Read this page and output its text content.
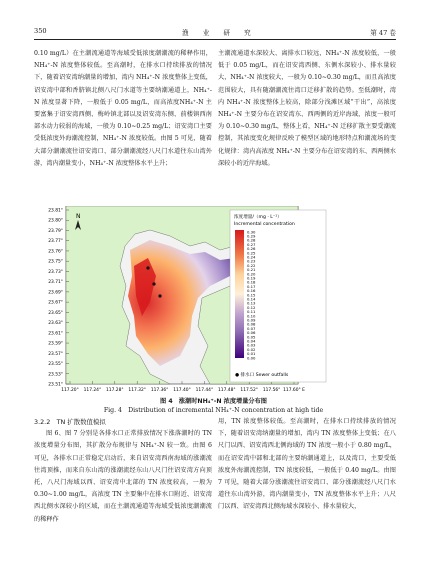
350	渔 业 研 究	第 47 卷

0.10 mg/L）在主潮流通道等海域受低浓度潮潮流的稀释作用，NH₄⁺-N 浓度整体较低。至高潮时，在排水口持续排放的情况下，随着诏安湾纳潮量的增加，湾内 NH₄⁺-N 浓度整体上变低，诏安湾中部和香脐镇北侧八尺门水道等主要纳潮通道上，NH₄⁺-N 浓度显著下降，一般低于 0.05 mg/L，而高浓度NH₄⁺-N 主要富集于诏安湾西侧、梅岭镇北部以及诏安湾东侧、前楼镇西南部水动力较弱的海域，一般为 0.10~0.25 mg/L；诏安湾口主要受低浓度外海潮流控制，NH₄⁺-N 浓度较低。由图 5 可见，随着大部分潮潮流往诏安湾口、部分潮潮流经八尺门水道往东山湾外游，湾内潮量变小，NH₄⁺-N 浓度整体水平上升；

主潮流通道水深较大、离排水口较远，NH₄⁺-N 浓度较低，一般低于 0.05 mg/L，而在诏安湾西侧、东侧水深较小、排水量较大，NH₄⁺-N 浓度较大，一般为 0.10~0.30 mg/L，而且高浓度范围较大，具有随潮潮流往湾口迁移扩散的趋势。至低潮时，湾内 NH₄⁺-N 浓度整体上较高，除部分浅滩区域“干出”，高浓度 NH₄⁺-N 主要分布在诏安湾东、西两侧的近岸海域，浓度一般可为 0.10~0.30 mg/L，整体上看，NH₄⁺-N 迁移扩散主要受潮流控制，其浓度变化规律反映了模型区域的地形特点和潮流场的变化规律：湾内高浓度 NH₄⁺-N 主要分布在诏安湾的东、西两侧水深较小的近岸海域。

N
23.81°
23.80°
23.79°
23.77°
23.76°
23.75°
23.73°
23.71°
23.69°
23.67°
23.65°
23.63°
23.61°
23.59°
23.57°
23.55°
23.53°
23.51°
117.20° 117.24° 117.28° 117.32° 117.36° 117.40° 117.44° 117.48° 117.52° 117.56° 117.60° E
浓度增量/（mg · L⁻¹）
Incremental concentration
0.30
0.29
0.28
0.27
0.26
0.25
0.24
0.23
0.22
0.21
0.20
0.19
0.18
0.17
0.16
0.15
0.14
0.13
0.12
0.11
0.10
0.09
0.08
0.07
0.06
0.05
0.04
0.03
0.02
0.01
0.00
● 排水口 Sewer outfalls
图 4　涨潮时NH₄⁺-N 浓度增量分布图
Fig. 4　Distribution of incremental NH₄⁺-N concentration at high tide

3.2.2　TN 扩散数值模拟

图 6、图 7 分别是各排水口正常排放情况下涨落潮时的 TN 浓度增量分布图，其扩散分布规律与 NH₄⁺-N 较一致。由图 6 可见，各排水口正常稳定启动后，来自诏安湾西南海域的涨潮流往湾顶推，而来自东山湾的涨潮流经东山八尺门往诏安湾方向顶托，八尺门海域以西、诏安湾中北部的 TN 浓度较高，一般为 0.30~1.00 mg/L，高浓度 TN 主要集中在排水口附近、诏安湾西北侧水深较小的区域，而在主潮流通道等海域受低浓度潮潮流的稀释作

用，TN 浓度整体较低。至高潮时，在排水口持续排放的情况下，随着诏安湾纳潮量的增加，湾内 TN 浓度整体上变低；在八尺门以西、诏安湾西北侧海域的 TN 浓度一般小于 0.80 mg/L，而在诏安湾中部和北部的主要纳潮通道上，以及湾口，主要受低浓度外海潮流控制，TN 浓度较低，一般低于 0.40 mg/L。由图 7 可见，随着大部分涨潮流往诏安湾口、部分涨潮流经八尺门水道往东山湾外游，湾内潮量变小，TN 浓度整体水平上升；八尺门以西、诏安湾西北侧海域水深较小、排水量较大，
